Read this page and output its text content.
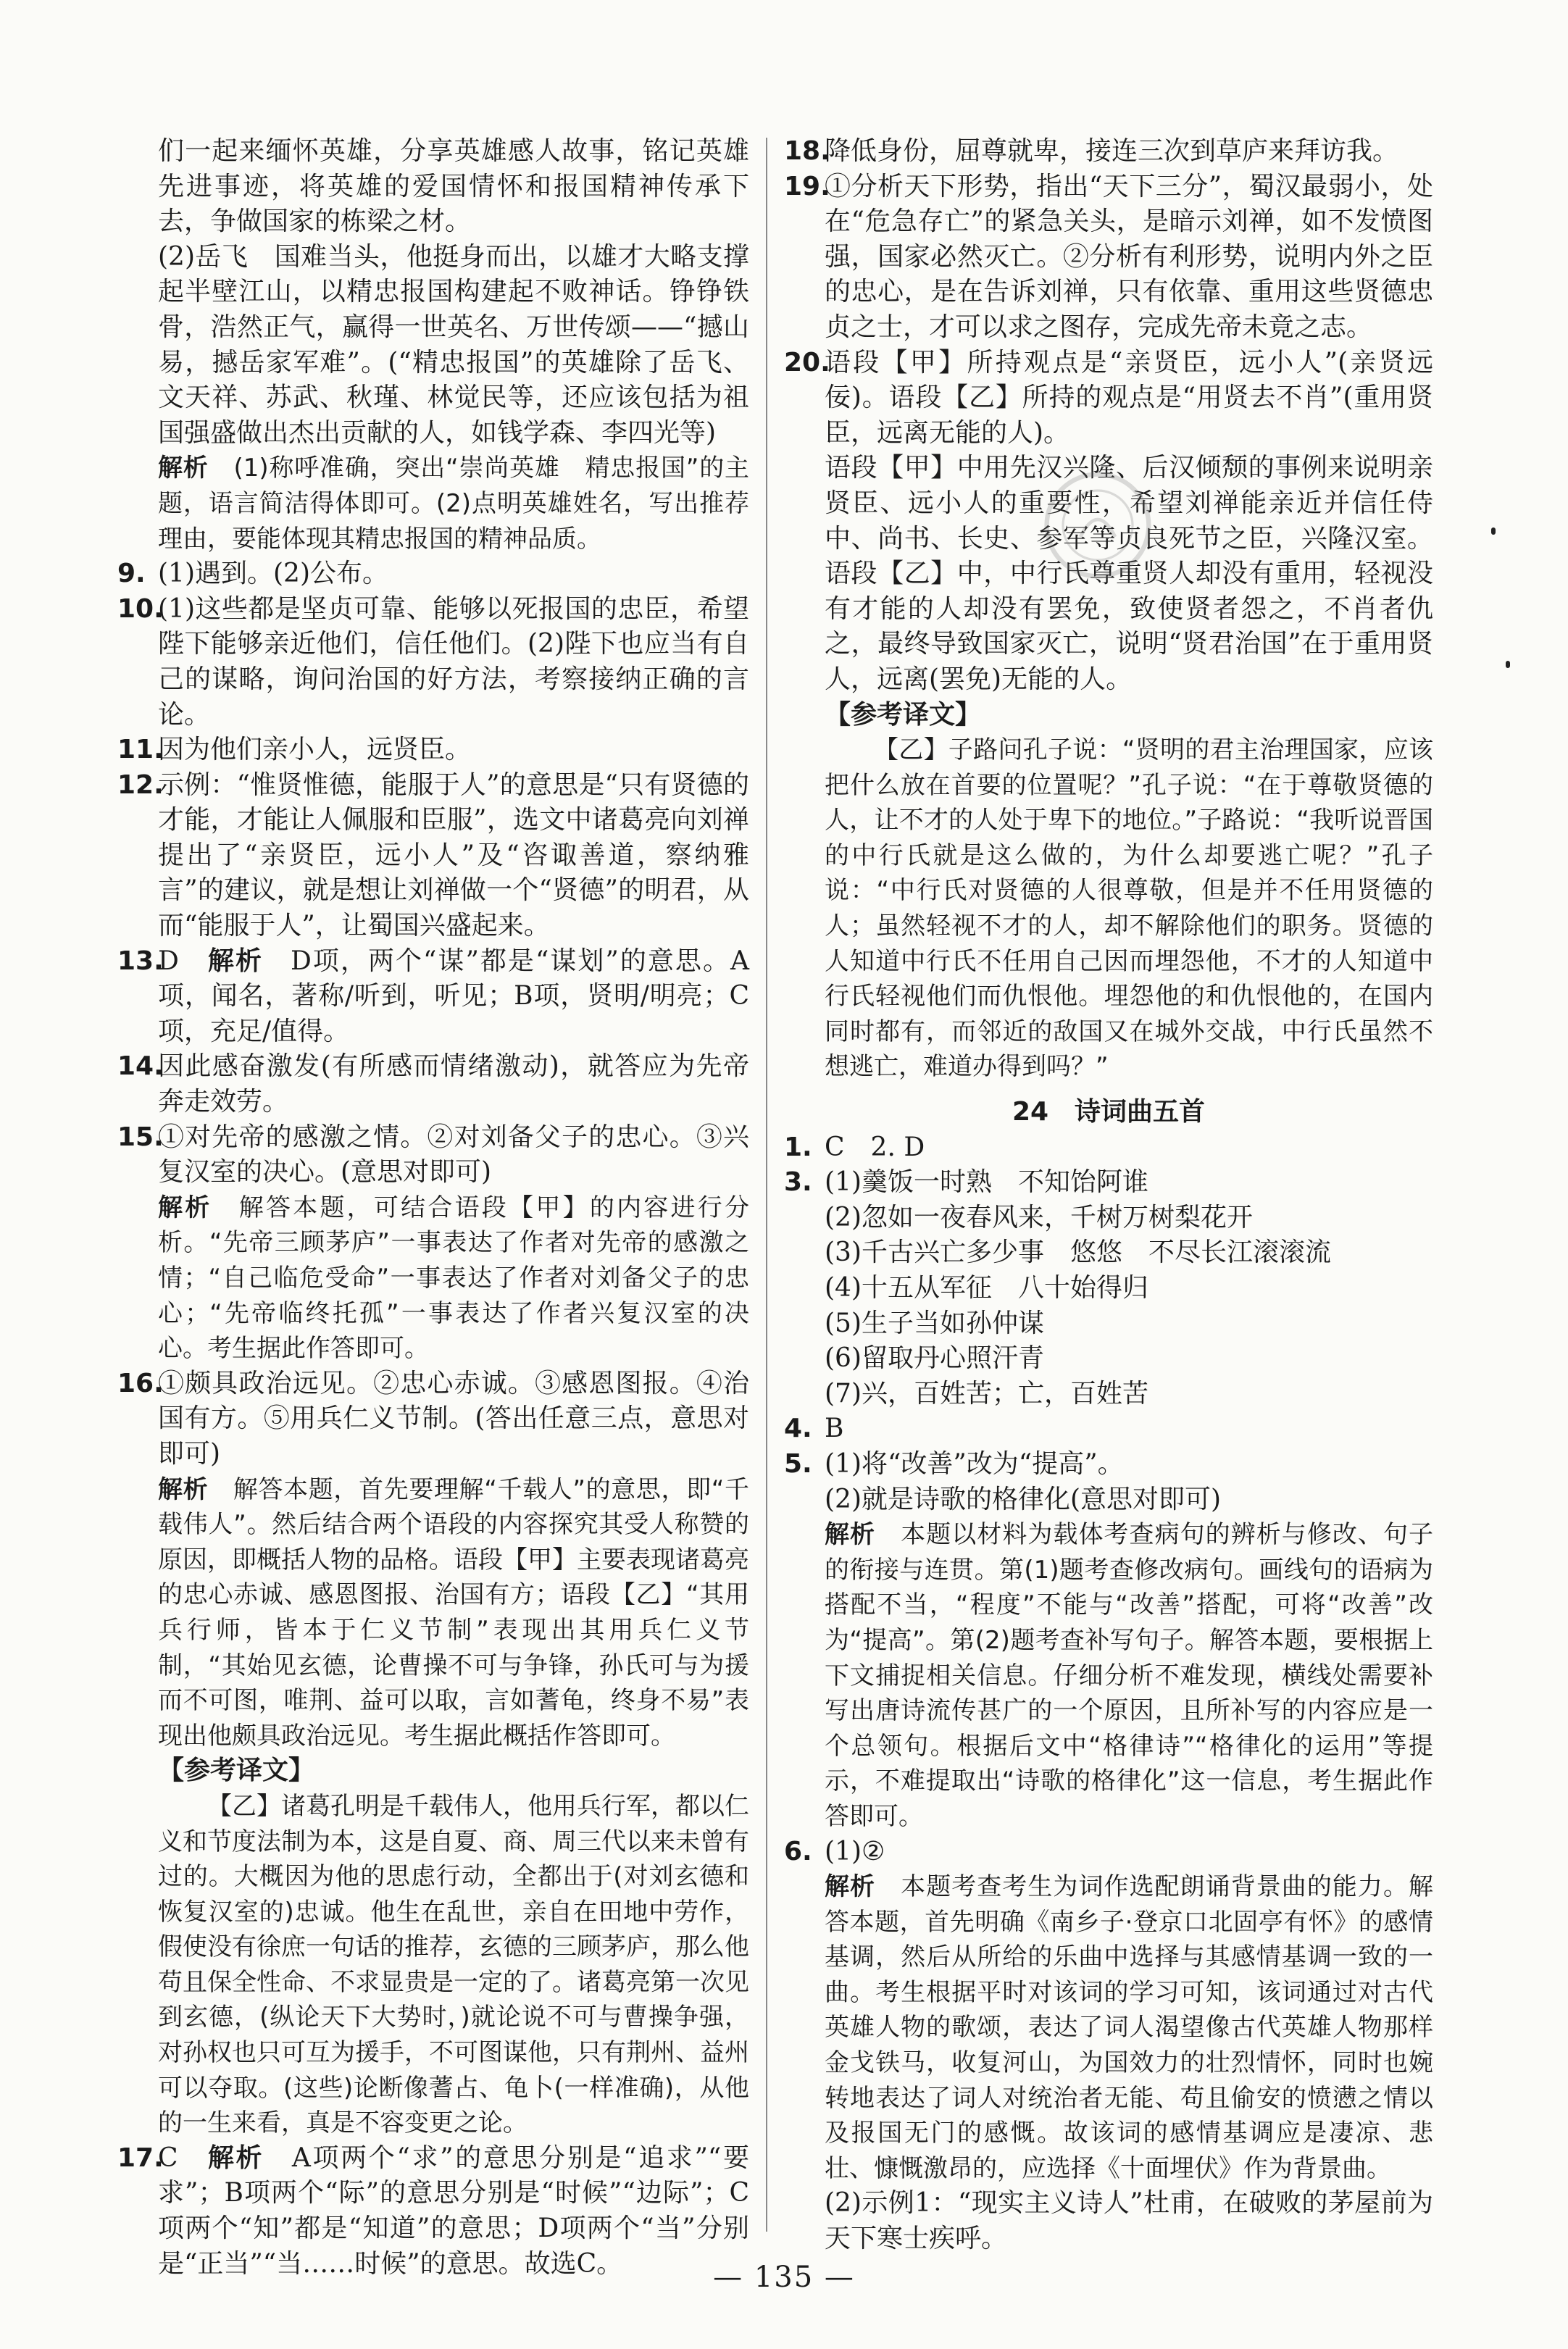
们一起来缅怀英雄，分享英雄感人故事，铭记英雄先进事迹，将英雄的爱国情怀和报国精神传承下去，争做国家的栋梁之材。

(2)岳飞　国难当头，他挺身而出，以雄才大略支撑起半壁江山，以精忠报国构建起不败神话。铮铮铁骨，浩然正气，赢得一世英名、万世传颂——“撼山易，撼岳家军难”。(“精忠报国”的英雄除了岳飞、文天祥、苏武、秋瑾、林觉民等，还应该包括为祖国强盛做出杰出贡献的人，如钱学森、李四光等)

解析　 (1)称呼准确，突出“崇尚英雄　精忠报国”的主题，语言简洁得体即可。(2)点明英雄姓名，写出推荐理由，要能体现其精忠报国的精神品质。

9. (1)遇到。(2)公布。

10.
(1)这些都是坚贞可靠、能够以死报国的忠臣，希望陛下能够亲近他们，信任他们。(2)陛下也应当有自己的谋略，询问治国的好方法，考察接纳正确的言论。

11.
因为他们亲小人，远贤臣。

12.
示例：“惟贤惟德，能服于人”的意思是“只有贤德的才能，才能让人佩服和臣服”，选文中诸葛亮向刘禅提出了“亲贤臣，远小人”及“咨诹善道，察纳雅言”的建议，就是想让刘禅做一个“贤德”的明君，从而“能服于人”，让蜀国兴盛起来。

13.
D　解析　 D项，两个“谋”都是“谋划”的意思。A项，闻名，著称/听到，听见；B项，贤明/明亮；C项，充足/值得。

14.
因此感奋激发(有所感而情绪激动)，就答应为先帝奔走效劳。

15.
①对先帝的感激之情。②对刘备父子的忠心。③兴复汉室的决心。(意思对即可)

解析　 解答本题，可结合语段【甲】的内容进行分析。“先帝三顾茅庐”一事表达了作者对先帝的感激之情；“自己临危受命”一事表达了作者对刘备父子的忠心；“先帝临终托孤”一事表达了作者兴复汉室的决心。考生据此作答即可。

16.
①颇具政治远见。②忠心赤诚。③感恩图报。④治国有方。⑤用兵仁义节制。(答出任意三点，意思对即可)

解析　 解答本题，首先要理解“千载人”的意思，即“千载伟人”。然后结合两个语段的内容探究其受人称赞的原因，即概括人物的品格。语段【甲】主要表现诸葛亮的忠心赤诚、感恩图报、治国有方；语段【乙】“其用兵行师，皆本于仁义节制”表现出其用兵仁义节制，“其始见玄德，论曹操不可与争锋，孙氏可与为援而不可图，唯荆、益可以取，言如蓍龟，终身不易”表现出他颇具政治远见。考生据此概括作答即可。

【参考译文】

【乙】诸葛孔明是千载伟人，他用兵行军，都以仁义和节度法制为本，这是自夏、商、周三代以来未曾有过的。大概因为他的思虑行动，全都出于(对刘玄德和恢复汉室的)忠诚。他生在乱世，亲自在田地中劳作，假使没有徐庶一句话的推荐，玄德的三顾茅庐，那么他苟且保全性命、不求显贵是一定的了。诸葛亮第一次见到玄德，(纵论天下大势时，)就论说不可与曹操争强，对孙权也只可互为援手，不可图谋他，只有荆州、益州可以夺取。(这些)论断像蓍占、龟卜(一样准确)，从他的一生来看，真是不容变更之论。

17.
C　解析　 A项两个“求”的意思分别是“追求”“要求”；B项两个“际”的意思分别是“时候”“边际”；C项两个“知”都是“知道”的意思；D项两个“当”分别是“正当”“当……时候”的意思。故选C。

18.
降低身份，屈尊就卑，接连三次到草庐来拜访我。

19.
①分析天下形势，指出“天下三分”，蜀汉最弱小，处在“危急存亡”的紧急关头，是暗示刘禅，如不发愤图强，国家必然灭亡。②分析有利形势，说明内外之臣的忠心，是在告诉刘禅，只有依靠、重用这些贤德忠贞之士，才可以求之图存，完成先帝未竟之志。

20.
语段【甲】所持观点是“亲贤臣，远小人”(亲贤远佞)。语段【乙】所持的观点是“用贤去不肖”(重用贤臣，远离无能的人)。

语段【甲】中用先汉兴隆、后汉倾颓的事例来说明亲贤臣、远小人的重要性，希望刘禅能亲近并信任侍中、尚书、长史、参军等贞良死节之臣，兴隆汉室。语段【乙】中，中行氏尊重贤人却没有重用，轻视没有才能的人却没有罢免，致使贤者怨之，不肖者仇之，最终导致国家灭亡，说明“贤君治国”在于重用贤人，远离(罢免)无能的人。

【参考译文】

【乙】子路问孔子说：“贤明的君主治理国家，应该把什么放在首要的位置呢？”孔子说：“在于尊敬贤德的人，让不才的人处于卑下的地位。”子路说：“我听说晋国的中行氏就是这么做的，为什么却要逃亡呢？”孔子说：“中行氏对贤德的人很尊敬，但是并不任用贤德的人；虽然轻视不才的人，却不解除他们的职务。贤德的人知道中行氏不任用自己因而埋怨他，不才的人知道中行氏轻视他们而仇恨他。埋怨他的和仇恨他的，在国内同时都有，而邻近的敌国又在城外交战，中行氏虽然不想逃亡，难道办得到吗？”

24　诗词曲五首

1. C　2. D

3. (1)羹饭一时熟　不知饴阿谁

(2)忽如一夜春风来，千树万树梨花开

(3)千古兴亡多少事　悠悠　不尽长江滚滚流

(4)十五从军征　八十始得归

(5)生子当如孙仲谋

(6)留取丹心照汗青

(7)兴，百姓苦；亡，百姓苦

4. B

5. (1)将“改善”改为“提高”。

(2)就是诗歌的格律化(意思对即可)

解析　 本题以材料为载体考查病句的辨析与修改、句子的衔接与连贯。第(1)题考查修改病句。画线句的语病为搭配不当，“程度”不能与“改善”搭配，可将“改善”改为“提高”。第(2)题考查补写句子。解答本题，要根据上下文捕捉相关信息。仔细分析不难发现，横线处需要补写出唐诗流传甚广的一个原因，且所补写的内容应是一个总领句。根据后文中“格律诗”“格律化的运用”等提示，不难提取出“诗歌的格律化”这一信息，考生据此作答即可。

6. (1)②

解析　 本题考查考生为词作选配朗诵背景曲的能力。解答本题，首先明确《南乡子·登京口北固亭有怀》的感情基调，然后从所给的乐曲中选择与其感情基调一致的一曲。考生根据平时对该词的学习可知，该词通过对古代英雄人物的歌颂，表达了词人渴望像古代英雄人物那样金戈铁马，收复河山，为国效力的壮烈情怀，同时也婉转地表达了词人对统治者无能、苟且偷安的愤懑之情以及报国无门的感慨。故该词的感情基调应是凄凉、悲壮、慷慨激昂的，应选择《十面埋伏》作为背景曲。

(2)示例1：“现实主义诗人”杜甫，在破败的茅屋前为天下寒士疾呼。

— 135 —
